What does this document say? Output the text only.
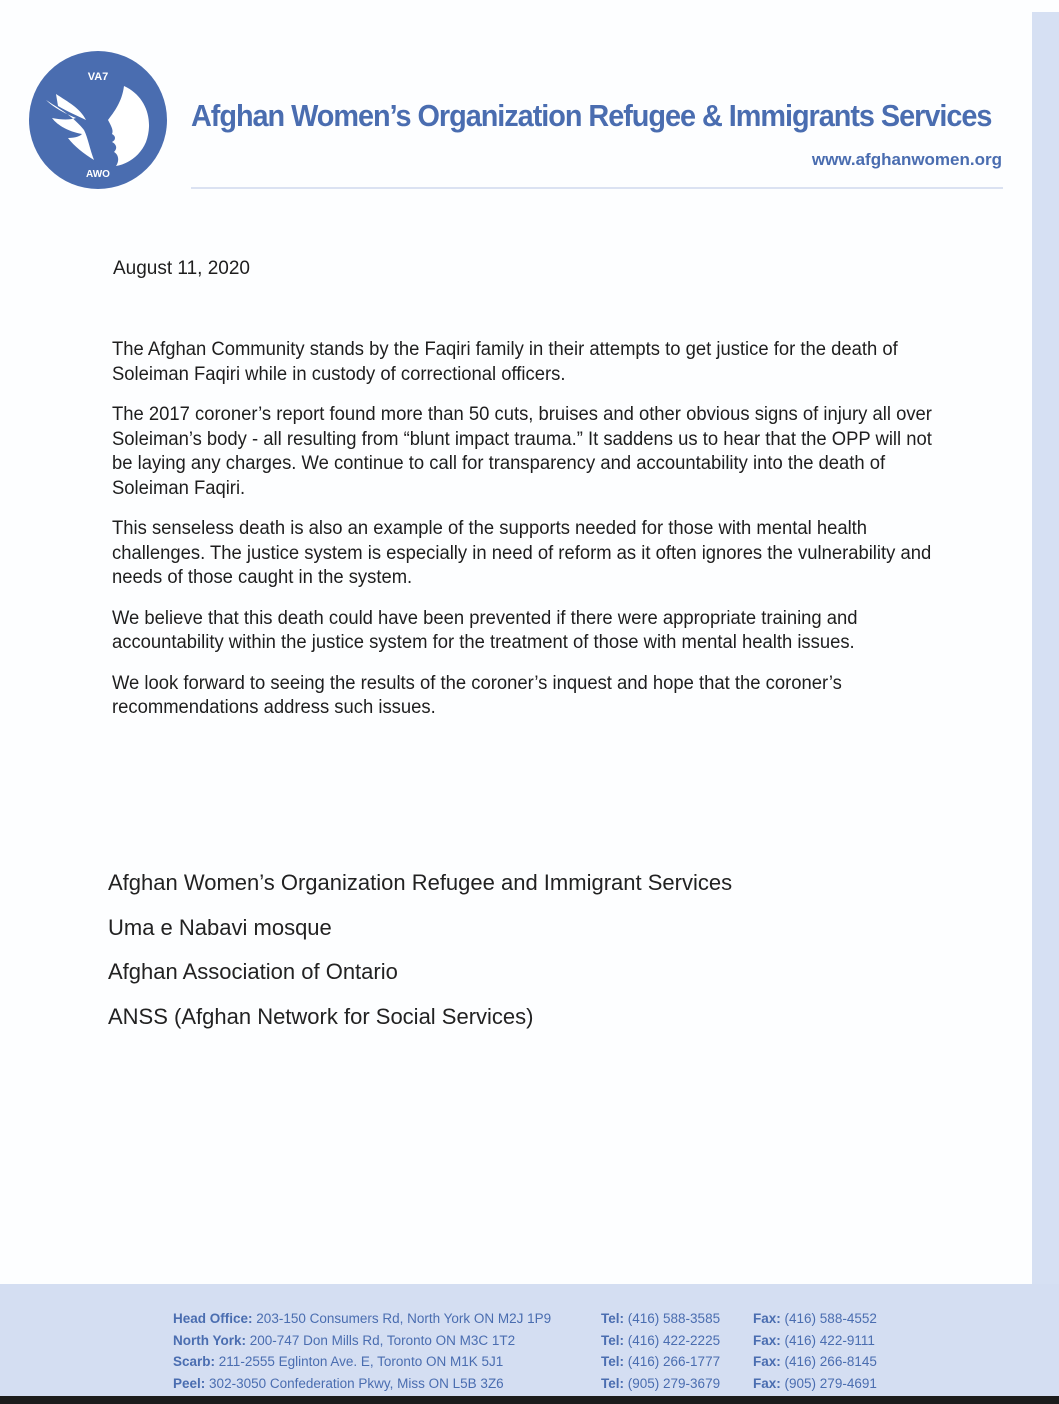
VA7
AWO
Afghan Women’s Organization Refugee & Immigrants Services
www.afghanwomen.org
August 11, 2020

The Afghan Community stands by the Faqiri family in their attempts to get justice for the death of Soleiman Faqiri while in custody of correctional officers.

The 2017 coroner’s report found more than 50 cuts, bruises and other obvious signs of injury all over Soleiman’s body - all resulting from “blunt impact trauma.” It saddens us to hear that the OPP will not be laying any charges. We continue to call for transparency and accountability into the death of Soleiman Faqiri.

This senseless death is also an example of the supports needed for those with mental health challenges. The justice system is especially in need of reform as it often ignores the vulnerability and needs of those caught in the system.

We believe that this death could have been prevented if there were appropriate training and accountability within the justice system for the treatment of those with mental health issues.

We look forward to seeing the results of the coroner’s inquest and hope that the coroner’s recommendations address such issues.

Afghan Women’s Organization Refugee and Immigrant Services
Uma e Nabavi mosque
Afghan Association of Ontario
ANSS (Afghan Network for Social Services)
Head Office: 203-150 Consumers Rd, North York ON M2J 1P9	Tel: (416) 588-3585	Fax: (416) 588-4552
North York: 200-747 Don Mills Rd, Toronto ON M3C 1T2	Tel: (416) 422-2225	Fax: (416) 422-9111
Scarb: 211-2555 Eglinton Ave. E, Toronto ON M1K 5J1	Tel: (416) 266-1777	Fax: (416) 266-8145
Peel: 302-3050 Confederation Pkwy, Miss ON L5B 3Z6	Tel: (905) 279-3679	Fax: (905) 279-4691
